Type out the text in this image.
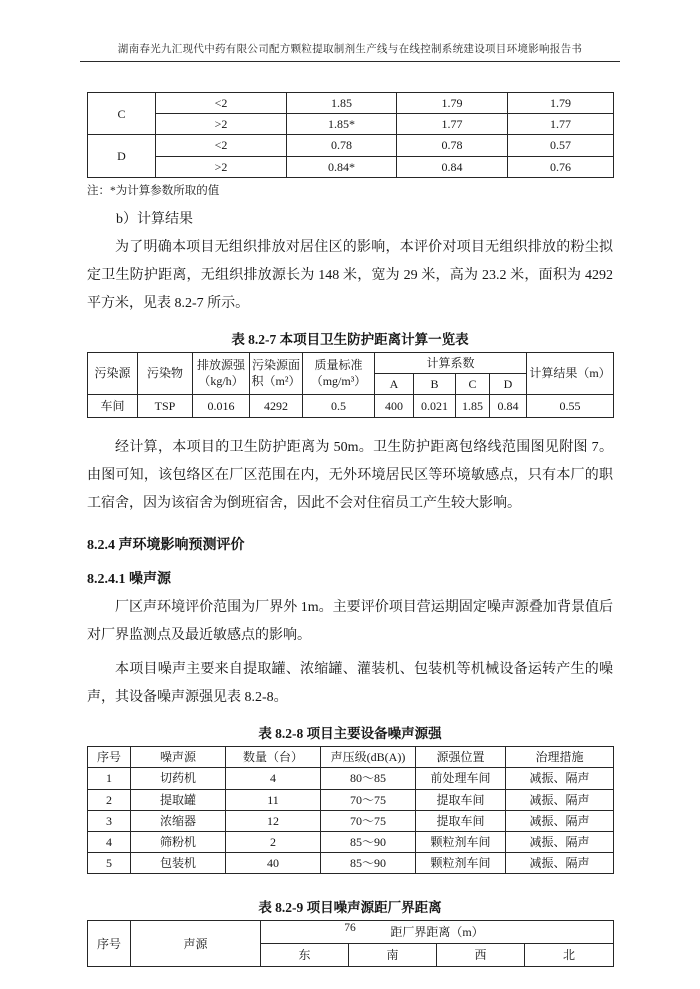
湖南春光九汇现代中药有限公司配方颗粒提取制剂生产线与在线控制系统建设项目环境影响报告书
C	<2	1.85	1.79	1.79
	>2	1.85*	1.77	1.77
D	<2	0.78	0.78	0.57
	>2	0.84*	0.84	0.76
注：*为计算参数所取的值
b）计算结果

为了明确本项目无组织排放对居住区的影响，本评价对项目无组织排放的粉尘拟定卫生防护距离，无组织排放源长为 148 米，宽为 29 米，高为 23.2 米，面积为 4292 平方米，见表 8.2-7 所示。

表 8.2-7 本项目卫生防护距离计算一览表
污染源	污染物	排放源强（kg/h）	污染源面积（m²）	质量标准（mg/m³）	计算系数				计算结果（m）
					A	B	C	D	
车间	TSP	0.016	4292	0.5	400	0.021	1.85	0.84	0.55

经计算，本项目的卫生防护距离为 50m。卫生防护距离包络线范围图见附图 7。由图可知，该包络区在厂区范围在内，无外环境居民区等环境敏感点，只有本厂的职工宿舍，因为该宿舍为倒班宿舍，因此不会对住宿员工产生较大影响。

8.2.4 声环境影响预测评价
8.2.4.1 噪声源

厂区声环境评价范围为厂界外 1m。主要评价项目营运期固定噪声源叠加背景值后对厂界监测点及最近敏感点的影响。

本项目噪声主要来自提取罐、浓缩罐、灌装机、包装机等机械设备运转产生的噪声，其设备噪声源强见表 8.2-8。

表 8.2-8 项目主要设备噪声源强
序号	噪声源	数量（台）	声压级(dB(A))	源强位置	治理措施
1	切药机	4	80～85	前处理车间	减振、隔声
2	提取罐	11	70～75	提取车间	减振、隔声
3	浓缩器	12	70～75	提取车间	减振、隔声
4	筛粉机	2	85～90	颗粒剂车间	减振、隔声
5	包装机	40	85～90	颗粒剂车间	减振、隔声
表 8.2-9 项目噪声源距厂界距离
序号	声源	距厂界距离（m）			
		东	南	西	北
76
